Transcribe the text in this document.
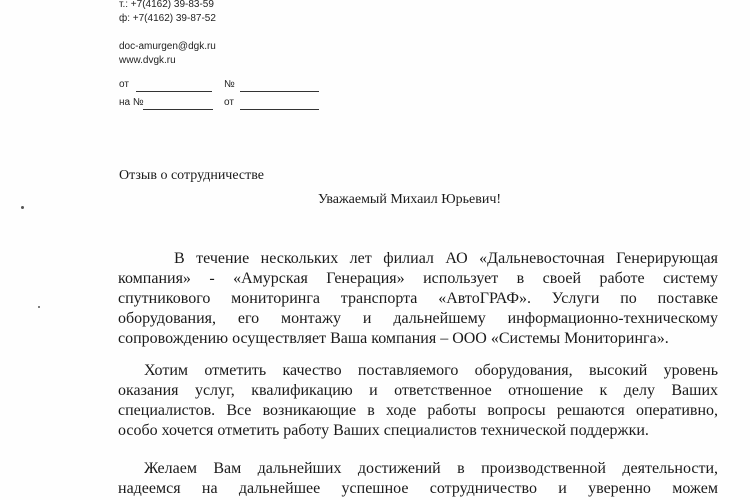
т.: +7(4162) 39-83-59
ф: +7(4162) 39-87-52
doc-amurgen@dgk.ru
www.dvgk.ru
от	№
на №	от
Отзыв о сотрудничестве
Уважаемый Михаил Юрьевич!
В течение нескольких лет филиал АО «Дальневосточная Генерирующая
компания» - «Амурская Генерация» использует в своей работе систему
спутникового мониторинга транспорта «АвтоГРАФ». Услуги по поставке
оборудования, его монтажу и дальнейшему информационно-техническому
сопровождению осуществляет Ваша компания – ООО «Системы Мониторинга».
Хотим отметить качество поставляемого оборудования, высокий уровень
оказания услуг, квалификацию и ответственное отношение к делу Ваших
специалистов. Все возникающие в ходе работы вопросы решаются оперативно,
особо хочется отметить работу Ваших специалистов технической поддержки.
Желаем Вам дальнейших достижений в производственной деятельности,
надеемся на дальнейшее успешное сотрудничество и уверенно можем
